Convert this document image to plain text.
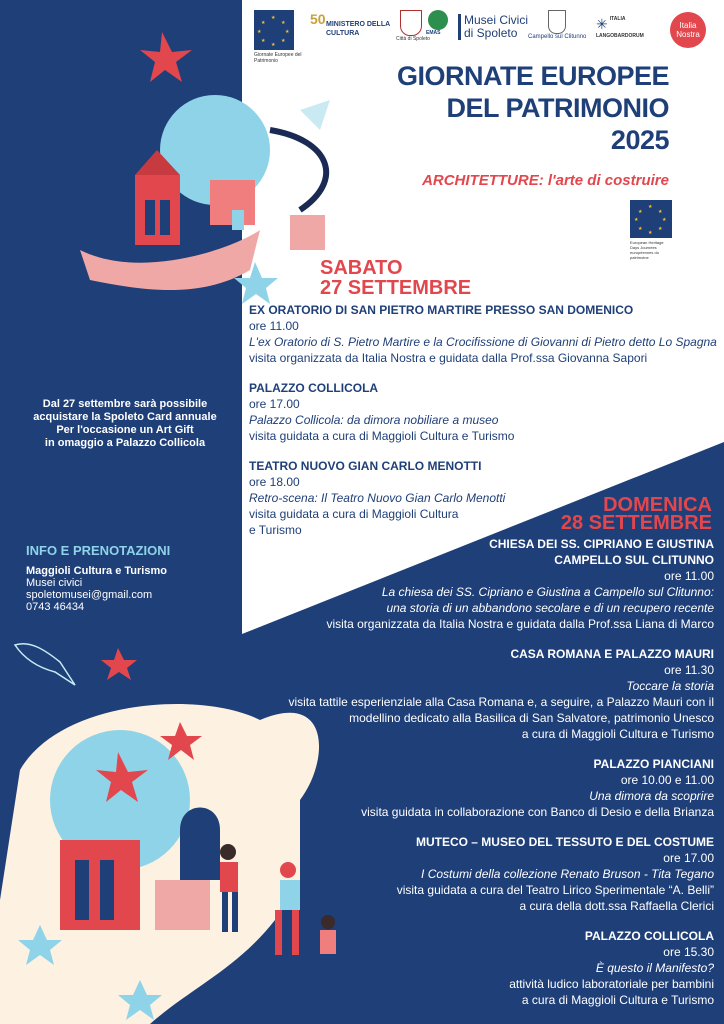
★
★
★
★
★
★
★
★
Giornate Europee del Patrimonio
50 MINISTERO DELLA CULTURA
Città di Spoleto
EMAS
Musei Civici di Spoleto	Campello sul Clitunno
✳ ITALIA LANGOBARDORUM
Italia Nostra
GIORNATE EUROPEE
DEL PATRIMONIO
2025
ARCHITETTURE: l'arte di costruire
★
★
★
★
★
★
★
★
European Heritage Days Journées européennes du patrimoine
SABATO
27 SETTEMBRE
EX ORATORIO DI SAN PIETRO MARTIRE PRESSO SAN DOMENICO
ore 11.00
L'ex Oratorio di S. Pietro Martire e la Crocifissione di Giovanni di Pietro detto Lo Spagna
visita organizzata da Italia Nostra e guidata dalla Prof.ssa Giovanna Sapori
PALAZZO COLLICOLA
ore 17.00
Palazzo Collicola: da dimora nobiliare a museo
visita guidata a cura di Maggioli Cultura e Turismo
TEATRO NUOVO GIAN CARLO MENOTTI
ore 18.00
Retro-scena: Il Teatro Nuovo Gian Carlo Menotti
visita guidata a cura di Maggioli Cultura
e Turismo
DOMENICA
28 SETTEMBRE
CHIESA DEI SS. CIPRIANO E GIUSTINA
CAMPELLO SUL CLITUNNO
ore 11.00
La chiesa dei SS. Cipriano e Giustina a Campello sul Clitunno:
una storia di un abbandono secolare e di un recupero recente
visita organizzata da Italia Nostra e guidata dalla Prof.ssa Liana di Marco
CASA ROMANA E PALAZZO MAURI
ore 11.30
Toccare la storia
visita tattile esperienziale alla Casa Romana e, a seguire, a Palazzo Mauri con il
modellino dedicato alla Basilica di San Salvatore, patrimonio Unesco
a cura di Maggioli Cultura e Turismo
PALAZZO PIANCIANI
ore 10.00 e 11.00
Una dimora da scoprire
visita guidata in collaborazione con Banco di Desio e della Brianza
MUTECO – MUSEO DEL TESSUTO E DEL COSTUME
ore 17.00
I Costumi della collezione Renato Bruson - Tita Tegano
visita guidata a cura del Teatro Lirico Sperimentale “A. Belli”
a cura della dott.ssa Raffaella Clerici
PALAZZO COLLICOLA
ore 15.30
È questo il Manifesto?
attività ludico laboratoriale per bambini
a cura di Maggioli Cultura e Turismo
Dal 27 settembre sarà possibile
acquistare la Spoleto Card annuale
Per l'occasione un Art Gift
in omaggio a Palazzo Collicola
INFO E PRENOTAZIONI
Maggioli Cultura e Turismo
Musei civici
spoletomusei@gmail.com
0743 46434
